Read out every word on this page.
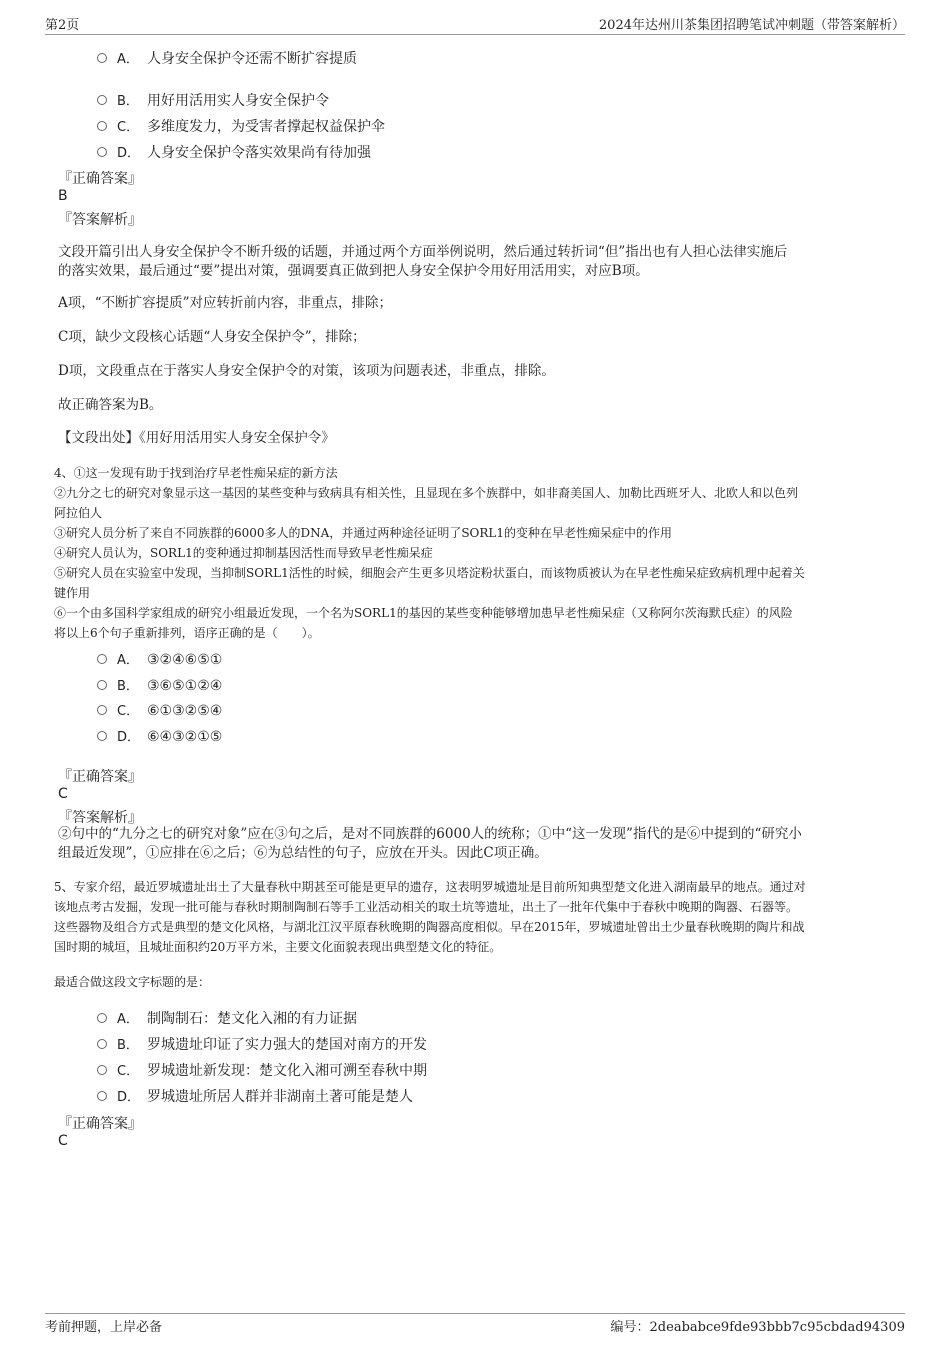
第2页	2024年达州川茶集团招聘笔试冲刺题（带答案解析）
A． 人身安全保护令还需不断扩容提质
B． 用好用活用实人身安全保护令
C． 多维度发力，为受害者撑起权益保护伞
D． 人身安全保护令落实效果尚有待加强
『正确答案』
B
『答案解析』
文段开篇引出人身安全保护令不断升级的话题，并通过两个方面举例说明，然后通过转折词“但”指出也有人担心法律实施后
的落实效果，最后通过“要”提出对策，强调要真正做到把人身安全保护令用好用活用实，对应B项。
A项，“不断扩容提质”对应转折前内容，非重点，排除；
C项，缺少文段核心话题“人身安全保护令”，排除；
D项，文段重点在于落实人身安全保护令的对策，该项为问题表述，非重点，排除。
故正确答案为B。
【文段出处】《用好用活用实人身安全保护令》
4、①这一发现有助于找到治疗早老性痴呆症的新方法
②九分之七的研究对象显示这一基因的某些变种与致病具有相关性，且显现在多个族群中，如非裔美国人、加勒比西班牙人、北欧人和以色列
阿拉伯人
③研究人员分析了来自不同族群的6000多人的DNA，并通过两种途径证明了SORL1的变种在早老性痴呆症中的作用
④研究人员认为，SORL1的变种通过抑制基因活性而导致早老性痴呆症
⑤研究人员在实验室中发现，当抑制SORL1活性的时候，细胞会产生更多贝塔淀粉状蛋白，而该物质被认为在早老性痴呆症致病机理中起着关
键作用
⑥一个由多国科学家组成的研究小组最近发现，一个名为SORL1的基因的某些变种能够增加患早老性痴呆症（又称阿尔茨海默氏症）的风险
将以上6个句子重新排列，语序正确的是（　　）。
A． ③②④⑥⑤①
B． ③⑥⑤①②④
C． ⑥①③②⑤④
D． ⑥④③②①⑤
『正确答案』
C
『答案解析』
②句中的“九分之七的研究对象”应在③句之后，是对不同族群的6000人的统称；①中“这一发现”指代的是⑥中提到的“研究小
组最近发现”，①应排在⑥之后；⑥为总结性的句子，应放在开头。因此C项正确。
5、专家介绍，最近罗城遗址出土了大量春秋中期甚至可能是更早的遗存，这表明罗城遗址是目前所知典型楚文化进入湖南最早的地点。通过对
该地点考古发掘，发现一批可能与春秋时期制陶制石等手工业活动相关的取土坑等遗址，出土了一批年代集中于春秋中晚期的陶器、石器等。
这些器物及组合方式是典型的楚文化风格，与湖北江汉平原春秋晚期的陶器高度相似。早在2015年，罗城遗址曾出土少量春秋晚期的陶片和战
国时期的城垣，且城址面积约20万平方米，主要文化面貌表现出典型楚文化的特征。
最适合做这段文字标题的是：
A． 制陶制石：楚文化入湘的有力证据
B． 罗城遗址印证了实力强大的楚国对南方的开发
C． 罗城遗址新发现：楚文化入湘可溯至春秋中期
D． 罗城遗址所居人群并非湖南土著可能是楚人
『正确答案』
C
考前押题，上岸必备	编号：2deababce9fde93bbb7c95cbdad94309
